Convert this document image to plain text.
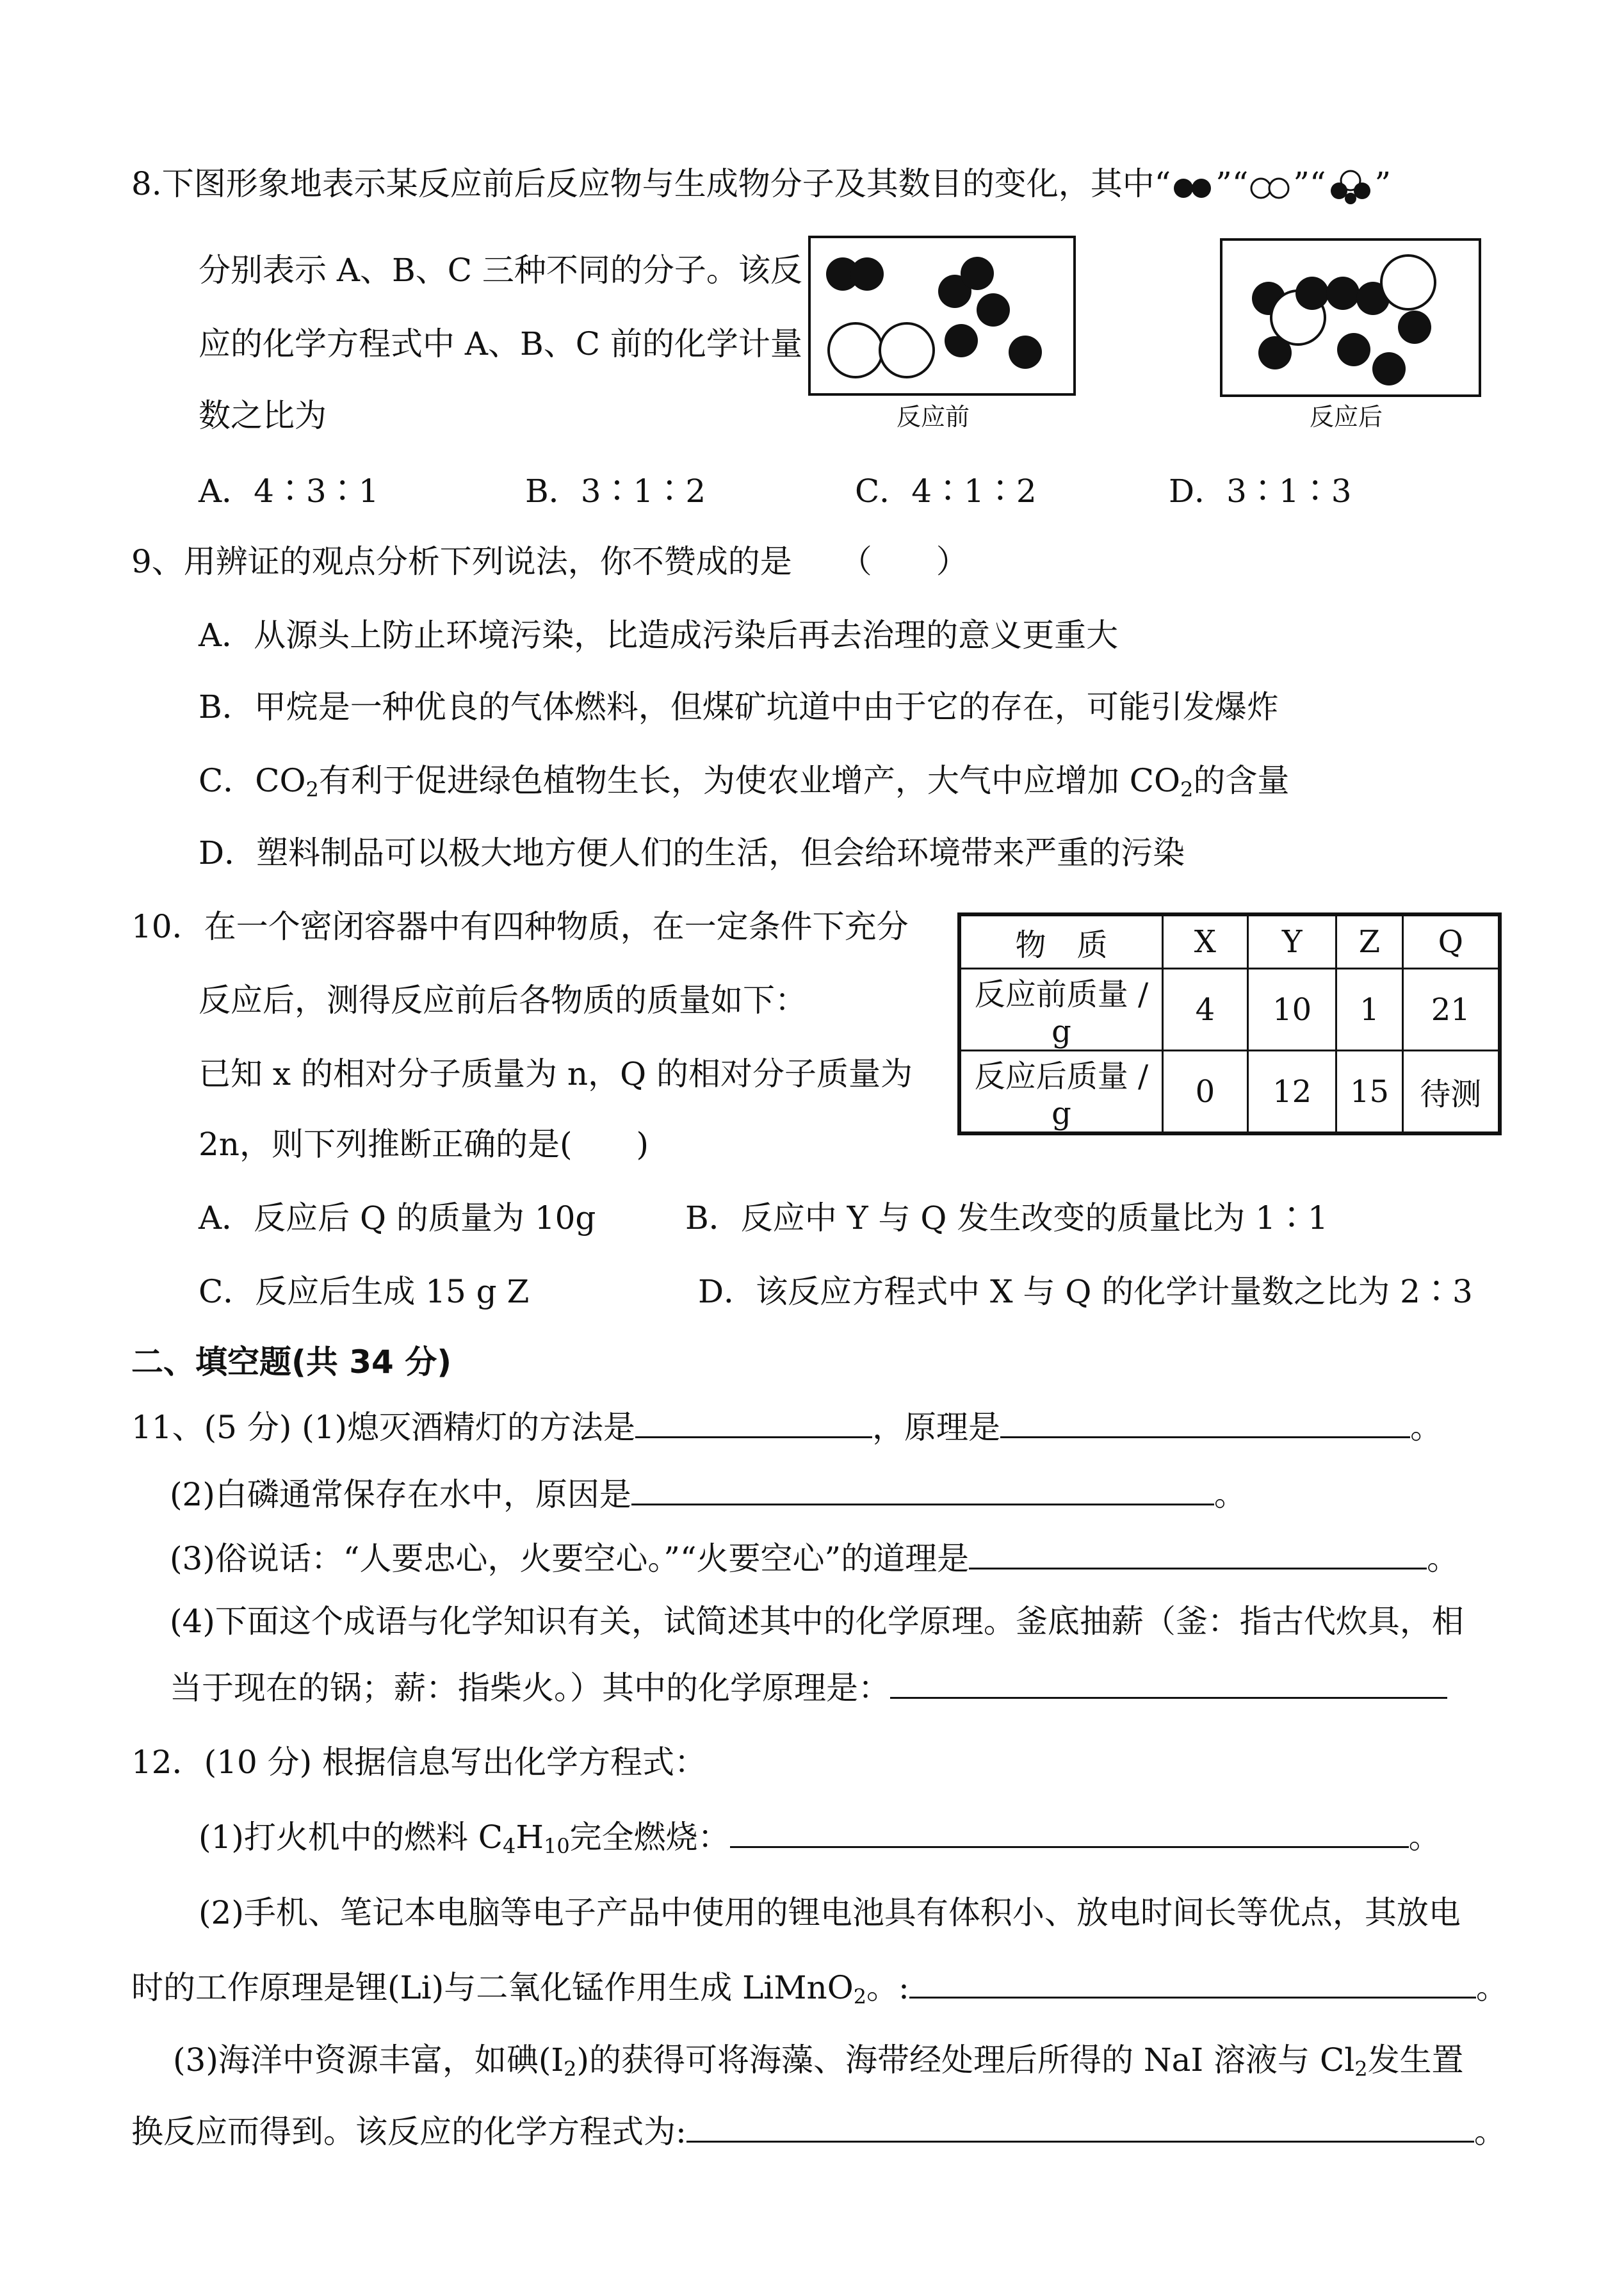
8.下图形象地表示某反应前后反应物与生成物分子及其数目的变化，其中“ ”“ ”“ ”
分别表示 A、B、C 三种不同的分子。该反
应的化学方程式中 A、B、C 前的化学计量
数之比为	反应前	反应后
A．4∶3∶1	B．3∶1∶2	C．4∶1∶2	D．3∶1∶3
9、用辨证的观点分析下列说法，你不赞成的是　　（　　）
A．从源头上防止环境污染，比造成污染后再去治理的意义更重大
B．甲烷是一种优良的气体燃料，但煤矿坑道中由于它的存在，可能引发爆炸
C．$CO_2$有利于促进绿色植物生长，为使农业增产，大气中应增加 $CO_2$的含量
D．塑料制品可以极大地方便人们的生活，但会给环境带来严重的污染
10．在一个密闭容器中有四种物质，在一定条件下充分
反应后，测得反应前后各物质的质量如下：
已知 x 的相对分子质量为 n，Q 的相对分子质量为
2n，则下列推断正确的是(　　)
物　质	X	Y	Z	Q
反应前质量 / g	4	10	1	21
反应后质量 / g	0	12	15	待测
A．反应后 Q 的质量为 10g	B．反应中 Y 与 Q 发生改变的质量比为 1∶1
C．反应后生成 15 g Z	D．该反应方程式中 X 与 Q 的化学计量数之比为 2∶3
二、填空题(共 34 分)
11、(5 分) (1)熄灭酒精灯的方法是	，原理是	。
(2)白磷通常保存在水中，原因是	。
(3)俗说话：“人要忠心，火要空心。”“火要空心”的道理是	。
(4)下面这个成语与化学知识有关，试简述其中的化学原理。釜底抽薪（釜：指古代炊具，相
当于现在的锅；薪：指柴火。）其中的化学原理是：
12．(10 分) 根据信息写出化学方程式：
(1)打火机中的燃料 $C_4H_{10}$完全燃烧：	。
(2)手机、笔记本电脑等电子产品中使用的锂电池具有体积小、放电时间长等优点，其放电
时的工作原理是锂(Li)与二氧化锰作用生成 LiMnO$_2$。:	。
(3)海洋中资源丰富，如碘$(I_2)$的获得可将海藻、海带经处理后所得的 NaI 溶液与 $Cl_2$发生置
换反应而得到。该反应的化学方程式为:	。
